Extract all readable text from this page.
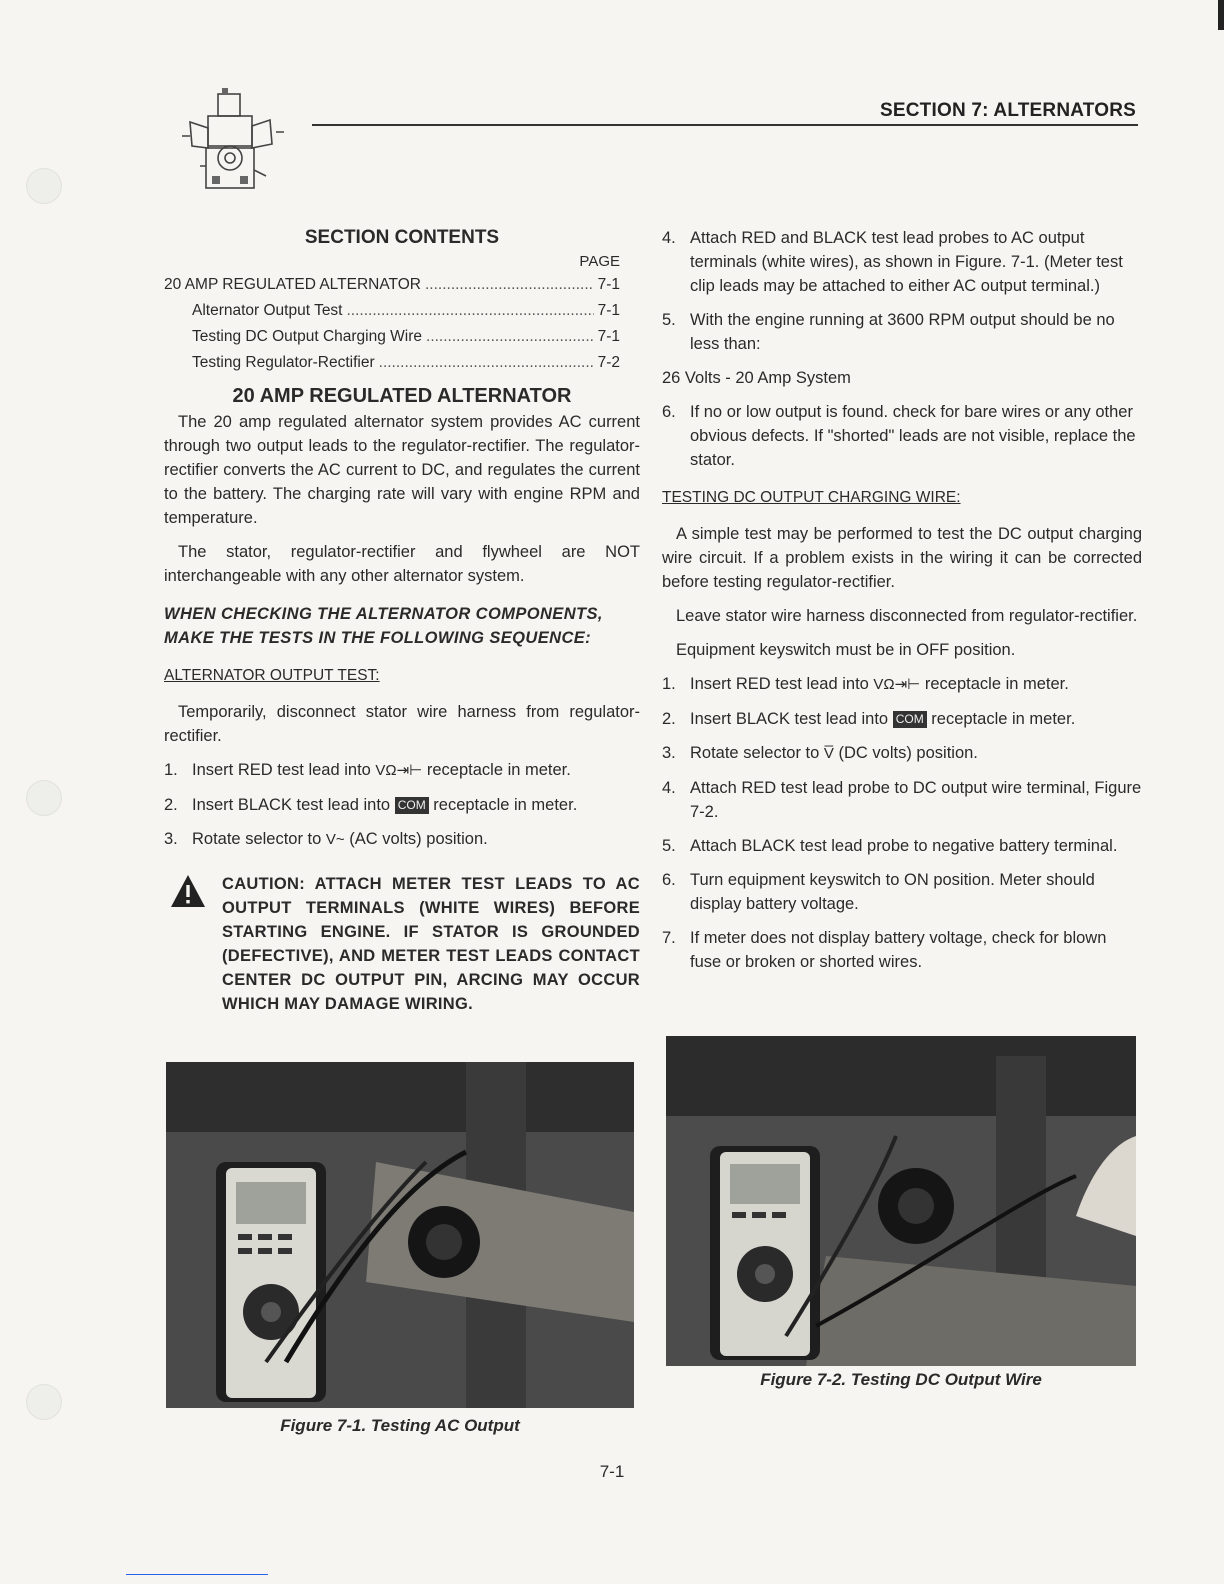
SECTION 7: ALTERNATORS
SECTION CONTENTS
PAGE
20 AMP REGULATED ALTERNATOR .....	7-1
Alternator Output Test .....	7-1
Testing DC Output Charging Wire .....	7-1
Testing Regulator-Rectifier .....	7-2
20 AMP REGULATED ALTERNATOR

The 20 amp regulated alternator system provides AC current through two output leads to the regulator-rectifier. The regulator-rectifier converts the AC current to DC, and regulates the current to the battery. The charging rate will vary with engine RPM and temperature.

The stator, regulator-rectifier and flywheel are NOT interchangeable with any other alternator system.

WHEN CHECKING THE ALTERNATOR COMPONENTS, MAKE THE TESTS IN THE FOLLOWING SEQUENCE:
ALTERNATOR OUTPUT TEST:

Temporarily, disconnect stator wire harness from regulator-rectifier.

1. Insert RED test lead into VΩ⇥⊢ receptacle in meter.
2. Insert BLACK test lead into COM receptacle in meter.
3. Rotate selector to V~ (AC volts) position.
CAUTION: ATTACH METER TEST LEADS TO AC OUTPUT TERMINALS (WHITE WIRES) BEFORE STARTING ENGINE. IF STATOR IS GROUNDED (DEFECTIVE), AND METER TEST LEADS CONTACT CENTER DC OUTPUT PIN, ARCING MAY OCCUR WHICH MAY DAMAGE WIRING.
4. Attach RED and BLACK test lead probes to AC output terminals (white wires), as shown in Figure. 7-1. (Meter test clip leads may be attached to either AC output terminal.)
5. With the engine running at 3600 RPM output should be no less than:

26 Volts - 20 Amp System

6. If no or low output is found. check for bare wires or any other obvious defects. If "shorted" leads are not visible, replace the stator.
TESTING DC OUTPUT CHARGING WIRE:

A simple test may be performed to test the DC output charging wire circuit. If a problem exists in the wiring it can be corrected before testing regulator-rectifier.

Leave stator wire harness disconnected from regulator-rectifier.

Equipment keyswitch must be in OFF position.

1. Insert RED test lead into VΩ⇥⊢ receptacle in meter.
2. Insert BLACK test lead into COM receptacle in meter.
3. Rotate selector to V̅ (DC volts) position.
4. Attach RED test lead probe to DC output wire terminal, Figure 7-2.
5. Attach BLACK test lead probe to negative battery terminal.
6. Turn equipment keyswitch to ON position. Meter should display battery voltage.
7. If meter does not display battery voltage, check for blown fuse or broken or shorted wires.
Figure 7-1. Testing AC Output
Figure 7-2. Testing DC Output Wire
7-1
